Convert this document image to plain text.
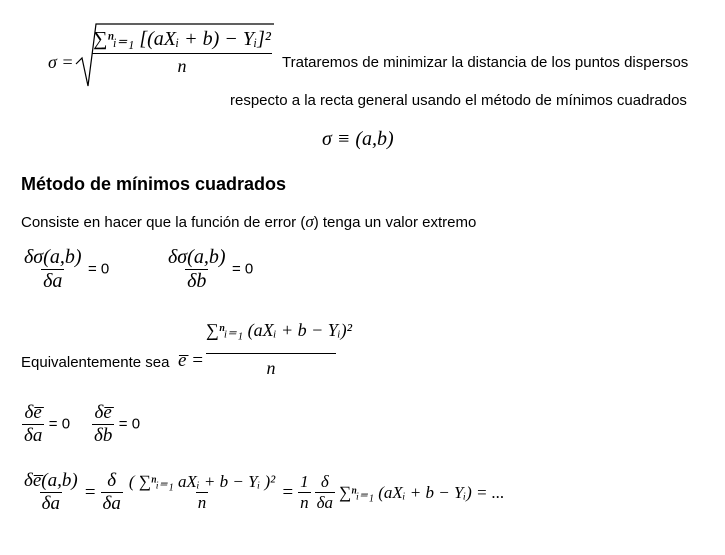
σ =
∑ⁿᵢ₌₁ [(aXᵢ + b) − Yᵢ]²
n	Trataremos de minimizar la distancia de los puntos dispersos
respecto a la recta general usando el método de mínimos cuadrados
σ ≡ (a,b)
Método de mínimos cuadrados
Consiste en hacer que la función de error (σ) tenga un valor extremo
$\frac{\delta\sigma(a,b)}{\delta a} = 0$	$\frac{\delta\sigma(a,b)}{\delta b} = 0$
Equivalentemente sea e̅ =
∑ⁿᵢ₌₁ (aXᵢ + b − Yᵢ)²
n
$\frac{\delta e̅}{\delta a} = 0 \frac{\delta e̅}{\delta b} = 0$
$\frac{\delta e̅(a,b)}{\delta a} = \frac{\delta}{\delta a} \frac{\text{( ∑ⁿᵢ₌₁ aXᵢ + b − Yᵢ )²}}{n} = \frac{1}{n} \frac{\delta}{\delta a}$ ∑ⁿᵢ₌₁ (aXᵢ + b − Yᵢ) = ...
